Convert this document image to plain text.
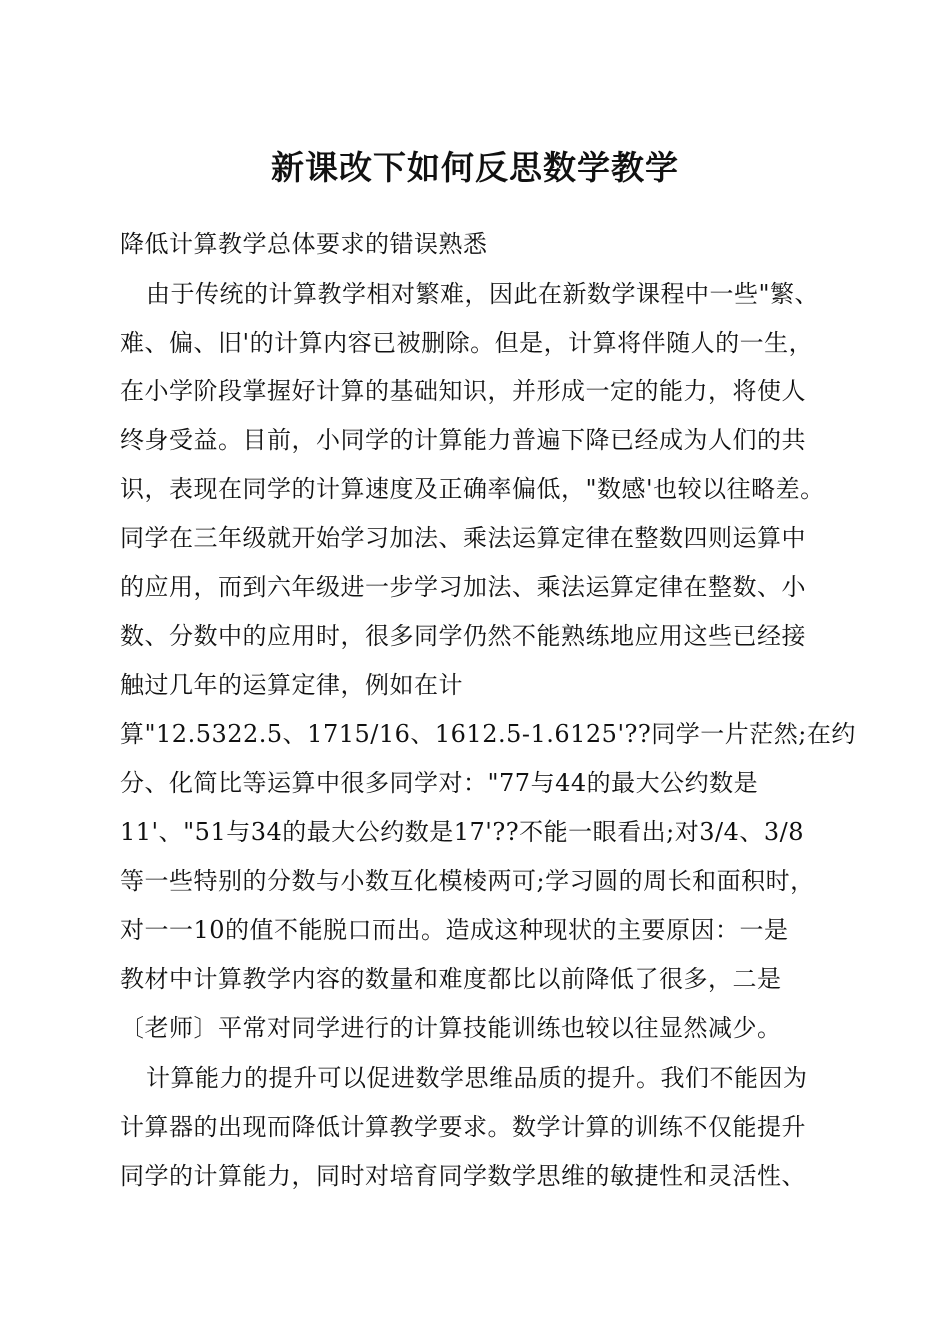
新课改下如何反思数学教学

降低计算教学总体要求的错误熟悉

由于传统的计算教学相对繁难，因此在新数学课程中一些"繁、

难、偏、旧'的计算内容已被删除。但是，计算将伴随人的一生，

在小学阶段掌握好计算的基础知识，并形成一定的能力，将使人

终身受益。目前，小同学的计算能力普遍下降已经成为人们的共

识，表现在同学的计算速度及正确率偏低，"数感'也较以往略差。

同学在三年级就开始学习加法、乘法运算定律在整数四则运算中

的应用，而到六年级进一步学习加法、乘法运算定律在整数、小

数、分数中的应用时，很多同学仍然不能熟练地应用这些已经接

触过几年的运算定律，例如在计

算"12.5322.5、1715/16、1612.5-1.6125'??同学一片茫然;在约

分、化简比等运算中很多同学对："77与44的最大公约数是

11'、"51与34的最大公约数是17'??不能一眼看出;对3/4、3/8

等一些特别的分数与小数互化模棱两可;学习圆的周长和面积时，

对一一10的值不能脱口而出。造成这种现状的主要原因：一是

教材中计算教学内容的数量和难度都比以前降低了很多，二是

〔老师〕平常对同学进行的计算技能训练也较以往显然减少。

计算能力的提升可以促进数学思维品质的提升。我们不能因为

计算器的出现而降低计算教学要求。数学计算的训练不仅能提升

同学的计算能力，同时对培育同学数学思维的敏捷性和灵活性、
